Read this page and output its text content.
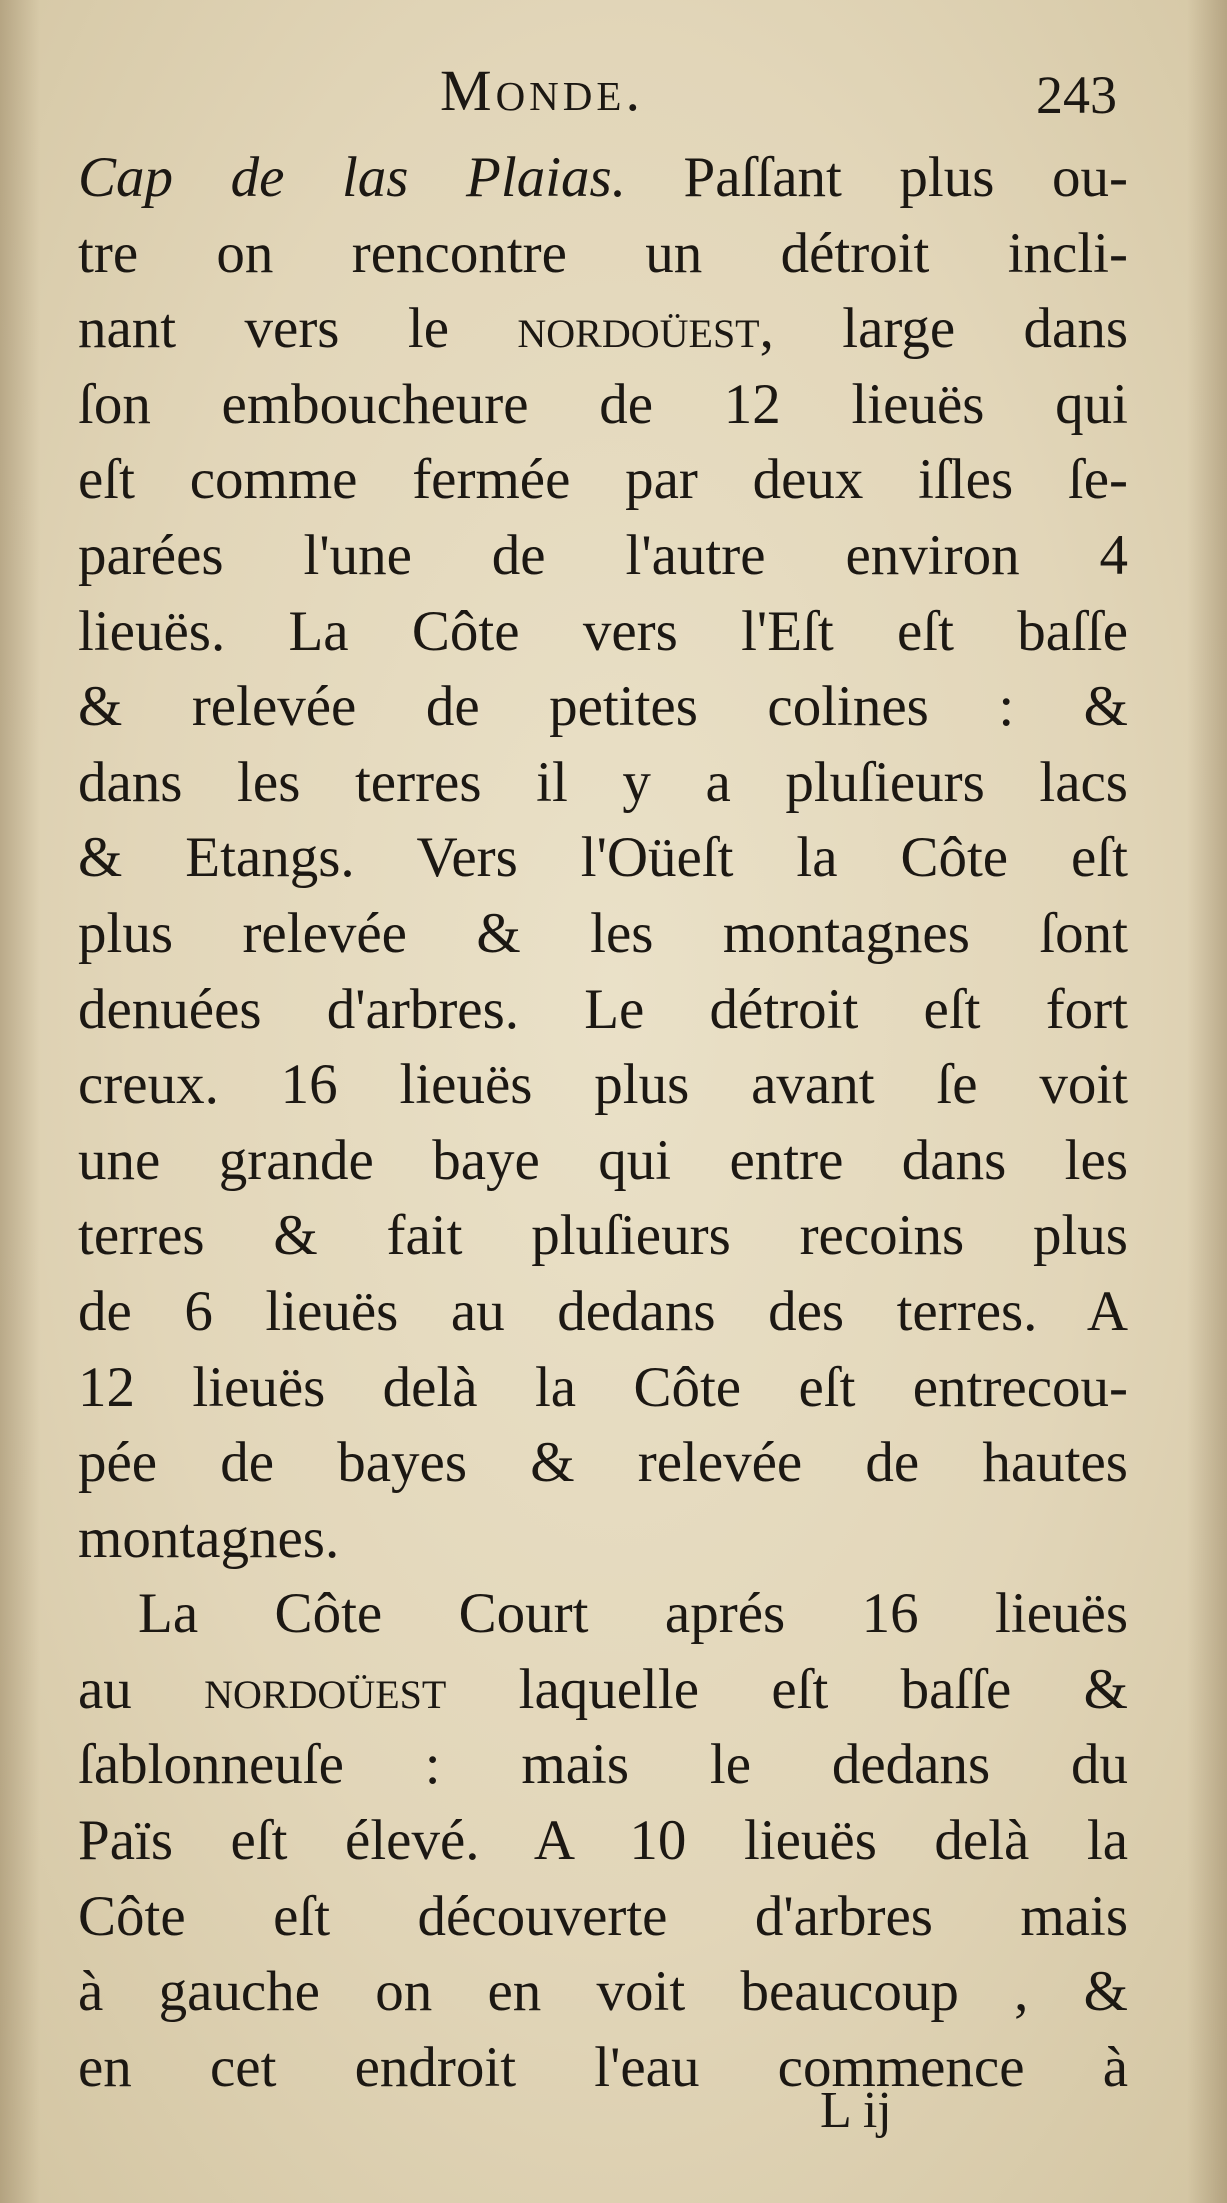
Monde.	243
Cap de las Plaias. Paſſant plus ou-
tre on rencontre un détroit incli-
nant vers le nordoüeſt, large dans
ſon emboucheure de 12 lieuës qui
eſt comme fermée par deux iſles ſe-
parées l'une de l'autre environ 4
lieuës. La Côte vers l'Eſt eſt baſſe
& relevée de petites colines : &
dans les terres il y a pluſieurs lacs
& Etangs. Vers l'Oüeſt la Côte eſt
plus relevée & les montagnes ſont
denuées d'arbres. Le détroit eſt fort
creux. 16 lieuës plus avant ſe voit
une grande baye qui entre dans les
terres & fait pluſieurs recoins plus
de 6 lieuës au dedans des terres. A
12 lieuës delà la Côte eſt entrecou-
pée de bayes & relevée de hautes
montagnes.
La Côte Court aprés 16 lieuës
au nordoüeſt laquelle eſt baſſe &
ſablonneuſe : mais le dedans du
Païs eſt élevé. A 10 lieuës delà la
Côte eſt découverte d'arbres mais
à gauche on en voit beaucoup , &
en cet endroit l'eau commence à
L ij
